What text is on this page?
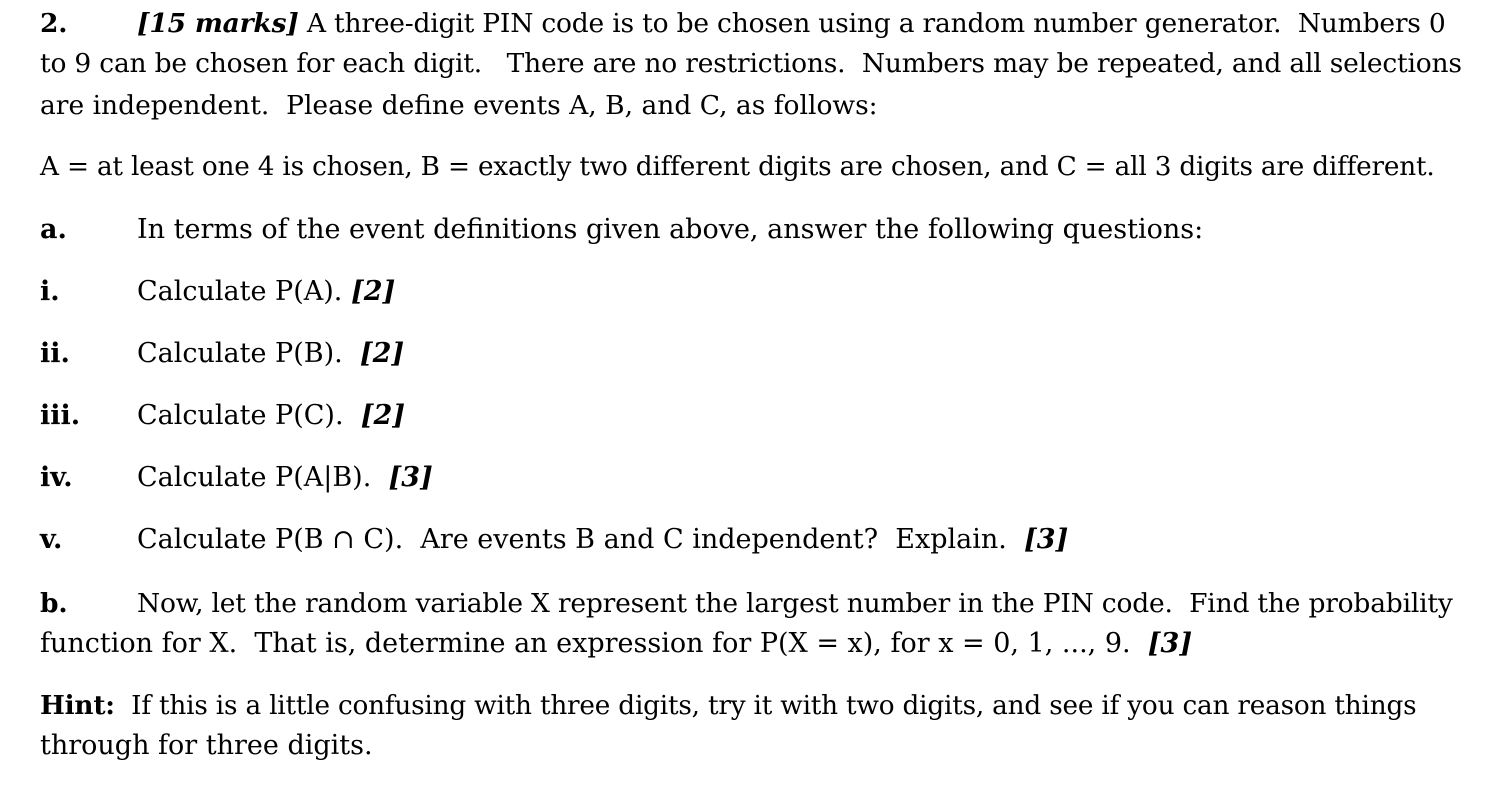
2.	[15 marks] A three-digit PIN code is to be chosen using a random number generator.  Numbers 0

to 9 can be chosen for each digit.   There are no restrictions.  Numbers may be repeated, and all selections

are independent.  Please define events A, B, and C, as follows:

A = at least one 4 is chosen, B = exactly two different digits are chosen, and C = all 3 digits are different.

a.	In terms of the event definitions given above, answer the following questions:

i.	Calculate P(A). [2]

ii. Calculate P(B).  [2]

iii. Calculate P(C).  [2]

iv. Calculate P(A|B).  [3]

v.	Calculate P(B ∩ C).  Are events B and C independent?  Explain.  [3]

b.	Now, let the random variable X represent the largest number in the PIN code.  Find the probability

function for X.  That is, determine an expression for P(X = x), for x = 0, 1, ..., 9.  [3]

Hint:  If this is a little confusing with three digits, try it with two digits, and see if you can reason things

through for three digits.
